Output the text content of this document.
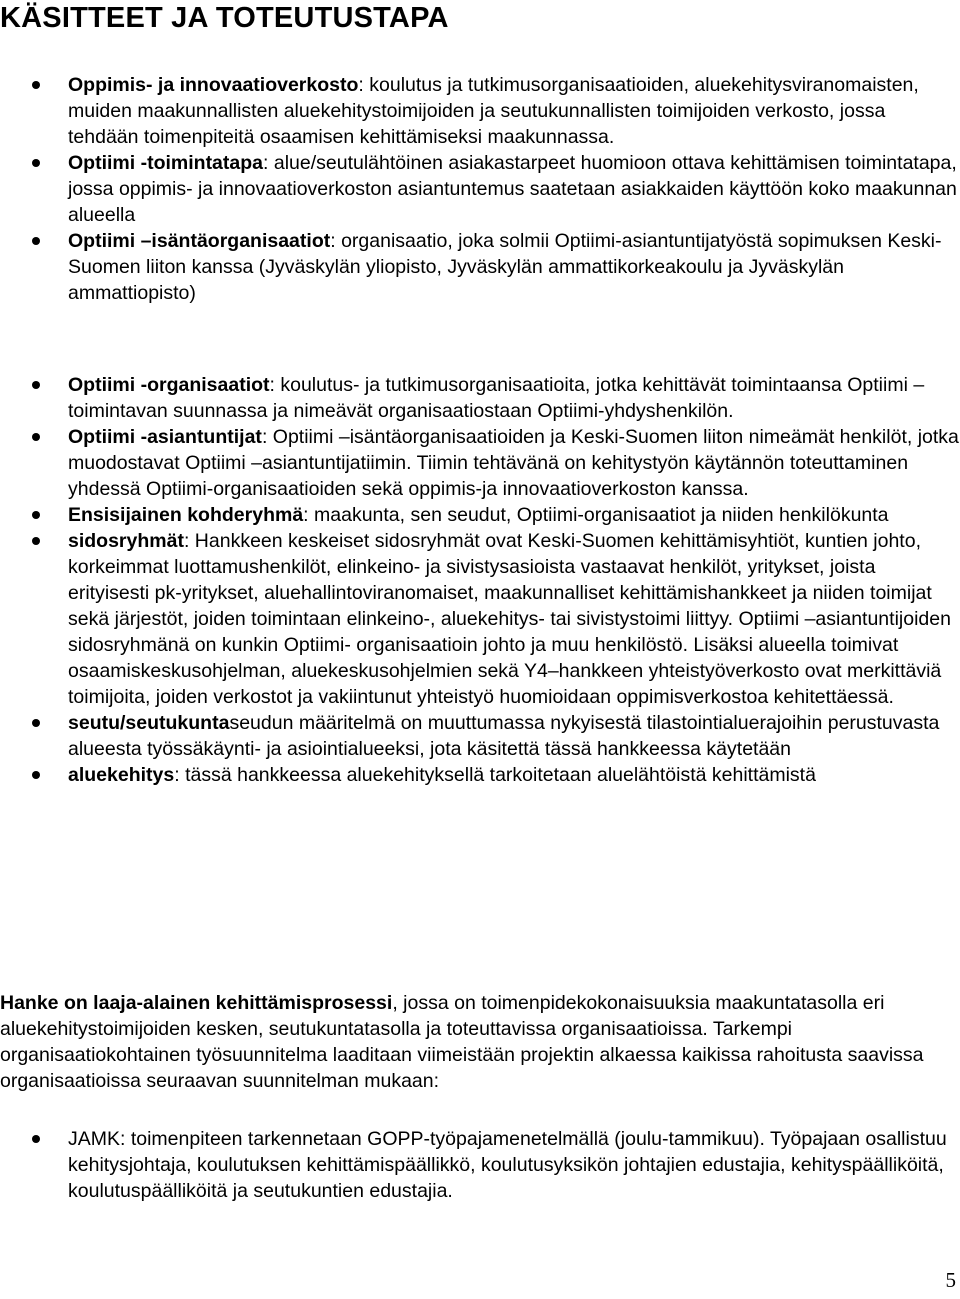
KÄSITTEET JA TOTEUTUSTAPA
Oppimis- ja innovaatioverkosto: koulutus ja tutkimusorganisaatioiden, aluekehitysviranomaisten, muiden maakunnallisten aluekehitystoimijoiden ja seutukunnallisten toimijoiden verkosto, jossa tehdään toimenpiteitä osaamisen kehittämiseksi maakunnassa.
Optiimi -toimintatapa: alue/seutulähtöinen asiakastarpeet huomioon ottava kehittämisen toimintatapa, jossa oppimis- ja innovaatioverkoston asiantuntemus saatetaan asiakkaiden käyttöön koko maakunnan alueella
Optiimi –isäntäorganisaatiot: organisaatio, joka solmii Optiimi-asiantuntijatyöstä sopimuksen Keski-Suomen liiton kanssa (Jyväskylän yliopisto, Jyväskylän ammattikorkeakoulu ja Jyväskylän ammattiopisto)
Optiimi -organisaatiot: koulutus- ja tutkimusorganisaatioita, jotka kehittävät toimintaansa Optiimi –toimintavan suunnassa ja nimeävät organisaatiostaan Optiimi-yhdyshenkilön.
Optiimi -asiantuntijat: Optiimi –isäntäorganisaatioiden ja Keski-Suomen liiton nimeämät henkilöt, jotka muodostavat Optiimi –asiantuntijatiimin. Tiimin tehtävänä on kehitystyön käytännön toteuttaminen yhdessä Optiimi-organisaatioiden sekä oppimis-ja innovaatioverkoston kanssa.
Ensisijainen kohderyhmä: maakunta, sen seudut, Optiimi-organisaatiot ja niiden henkilökunta
sidosryhmät: Hankkeen keskeiset sidosryhmät ovat Keski-Suomen kehittämisyhtiöt, kuntien johto, korkeimmat luottamushenkilöt, elinkeino- ja sivistysasioista vastaavat henkilöt, yritykset, joista erityisesti pk-yritykset, aluehallintoviranomaiset, maakunnalliset kehittämishankkeet ja niiden toimijat sekä järjestöt, joiden toimintaan elinkeino-, aluekehitys- tai sivistystoimi liittyy. Optiimi –asiantuntijoiden sidosryhmänä on kunkin Optiimi- organisaatioin johto ja muu henkilöstö. Lisäksi alueella toimivat osaamiskeskusohjelman, aluekeskusohjelmien sekä Y4–hankkeen yhteistyöverkosto ovat merkittäviä toimijoita, joiden verkostot ja vakiintunut yhteistyö huomioidaan oppimisverkostoa kehitettäessä.
seutu/seutukuntaseudun määritelmä on muuttumassa nykyisestä tilastointialuerajoihin perustuvasta alueesta työssäkäynti- ja asiointialueeksi, jota käsitettä tässä hankkeessa käytetään
aluekehitys: tässä hankkeessa aluekehityksellä tarkoitetaan aluelähtöistä kehittämistä

Hanke on laaja-alainen kehittämisprosessi, jossa on toimenpidekokonaisuuksia maakuntatasolla eri aluekehitystoimijoiden kesken, seutukuntatasolla ja toteuttavissa organisaatioissa. Tarkempi organisaatiokohtainen työsuunnitelma laaditaan viimeistään projektin alkaessa kaikissa rahoitusta saavissa organisaatioissa seuraavan suunnitelman mukaan:

JAMK: toimenpiteen tarkennetaan GOPP-työpajamenetelmällä (joulu-tammikuu). Työpajaan osallistuu kehitysjohtaja, koulutuksen kehittämispäällikkö, koulutusyksikön johtajien edustajia, kehityspäälliköitä, koulutuspäälliköitä ja seutukuntien edustajia.
5
